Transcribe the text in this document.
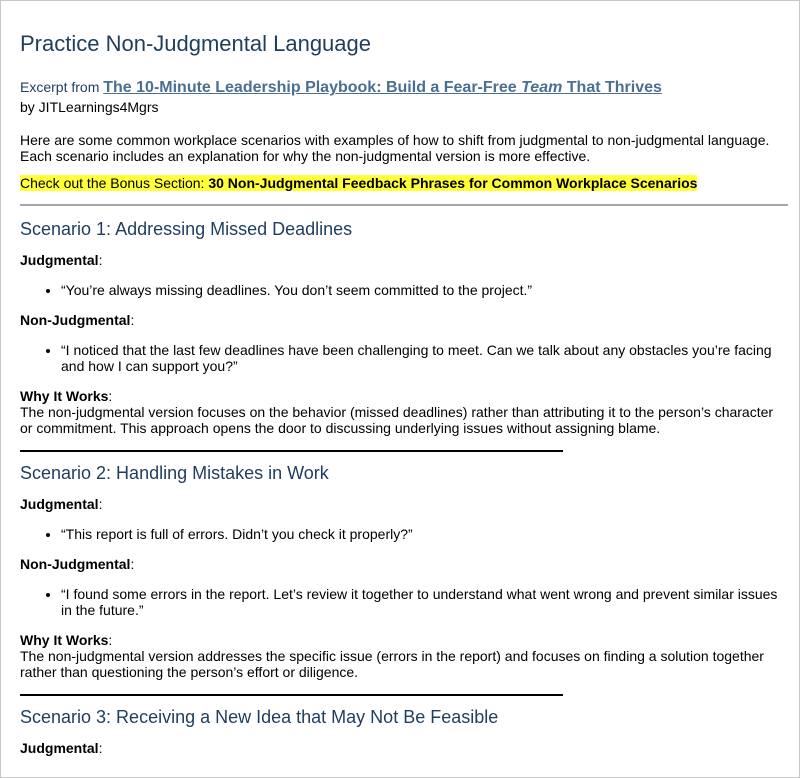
Practice Non-Judgmental Language
Excerpt from The 10-Minute Leadership Playbook: Build a Fear-Free Team That Thrives
by JITLearnings4Mgrs
Here are some common workplace scenarios with examples of how to shift from judgmental to non-judgmental language. Each scenario includes an explanation for why the non-judgmental version is more effective.
Check out the Bonus Section: 30 Non-Judgmental Feedback Phrases for Common Workplace Scenarios
Scenario 1: Addressing Missed Deadlines
Judgmental:
• “You’re always missing deadlines. You don’t seem committed to the project.”
Non-Judgmental:
• “I noticed that the last few deadlines have been challenging to meet. Can we talk about any obstacles you’re facing and how I can support you?”
Why It Works:
The non-judgmental version focuses on the behavior (missed deadlines) rather than attributing it to the person’s character or commitment. This approach opens the door to discussing underlying issues without assigning blame.
Scenario 2: Handling Mistakes in Work
Judgmental:
• “This report is full of errors. Didn’t you check it properly?”
Non-Judgmental:
• “I found some errors in the report. Let’s review it together to understand what went wrong and prevent similar issues in the future.”
Why It Works:
The non-judgmental version addresses the specific issue (errors in the report) and focuses on finding a solution together rather than questioning the person’s effort or diligence.
Scenario 3: Receiving a New Idea that May Not Be Feasible
Judgmental:
